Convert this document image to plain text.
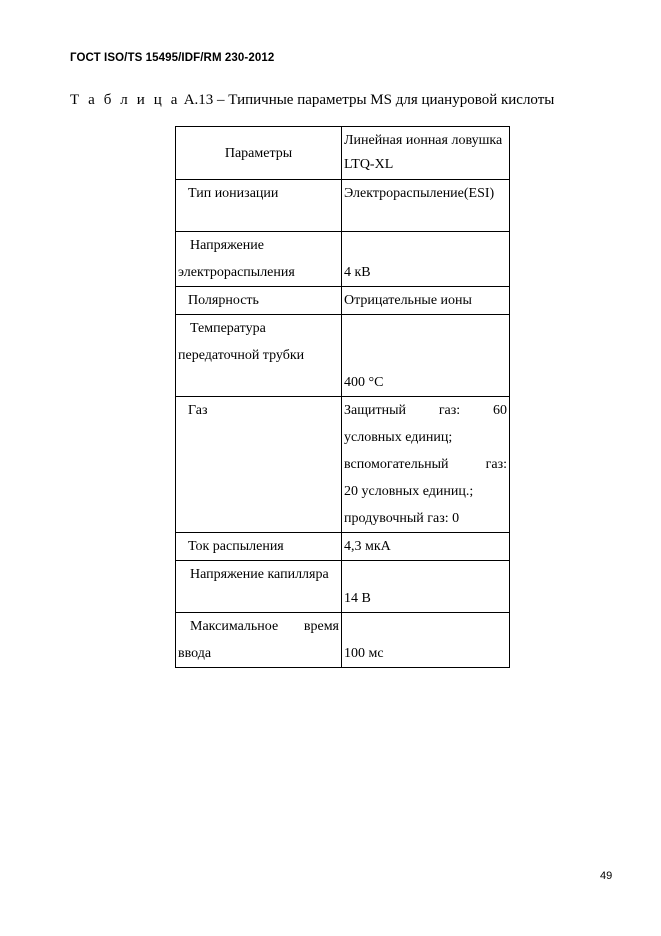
ГОСТ ISO/TS 15495/IDF/RM 230-2012
Т а б л и ц а А.13 – Типичные параметры MS для циануровой кислоты
Параметры	Линейная ионная ловушка LTQ-XL
Тип ионизации	Электрораспыление(ESI)
Напряжение электрораспыления	4 кВ
Полярность	Отрицательные ионы
Температура передаточной трубки	400 °С
Газ	Защитный газ: 60
условных единиц;
вспомогательный газ:
20 условных единиц.;
продувочный газ: 0

Ток распыления	4,3 мкА
Напряжение капилляра	14 В
Максимальное время ввода	100 мс
49
